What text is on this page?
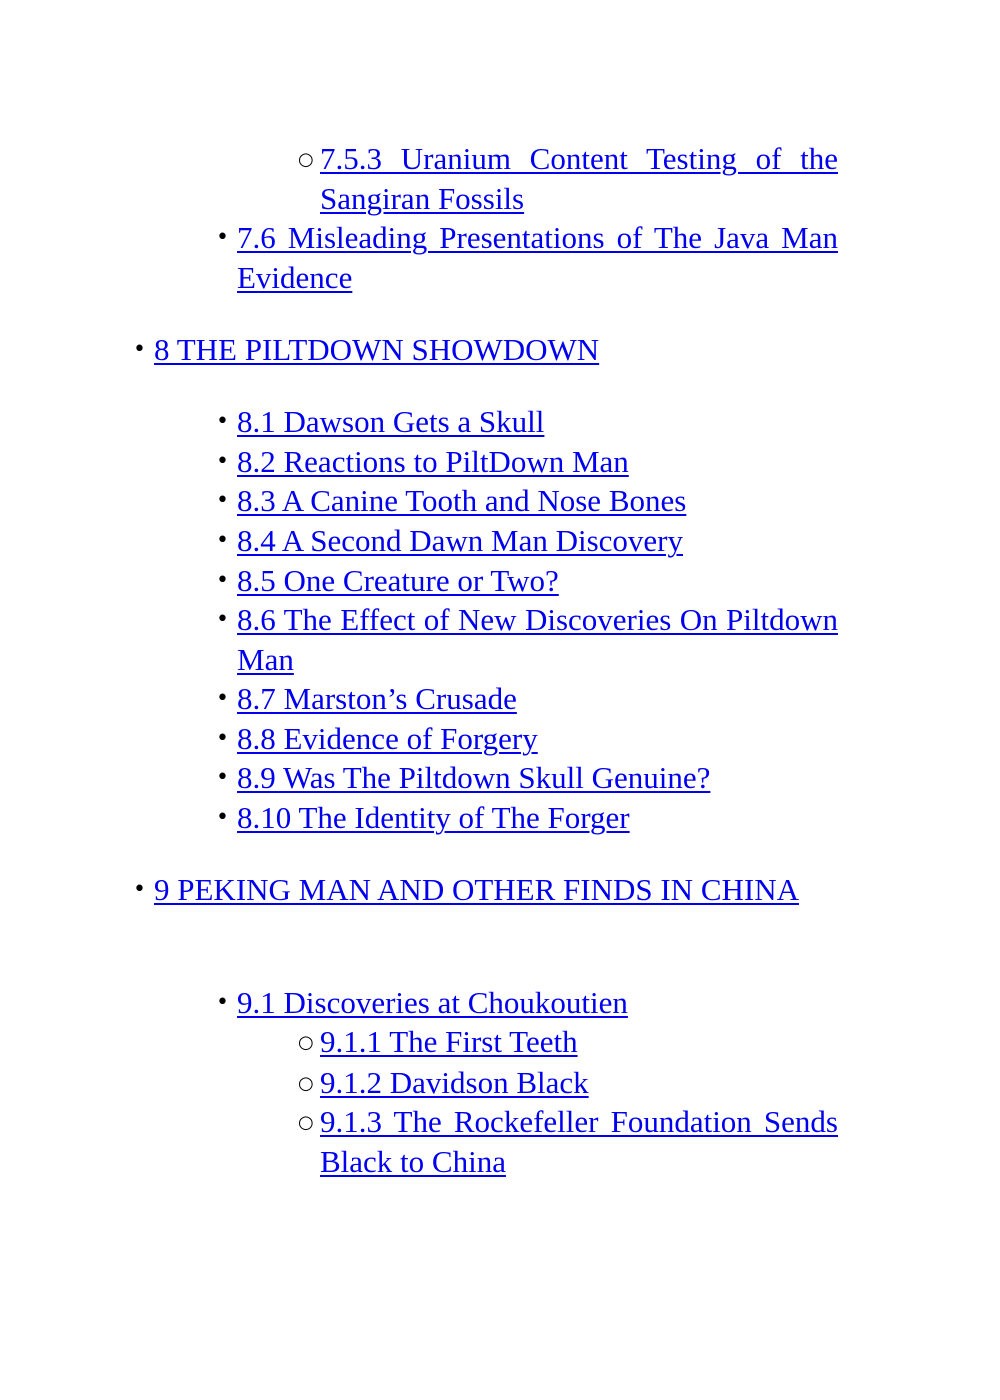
○ 7.5.3 Uranium Content Testing of the Sangiran Fossils
• 7.6 Misleading Presentations of The Java Man Evidence
• 8 THE PILTDOWN SHOWDOWN
• 8.1 Dawson Gets a Skull
• 8.2 Reactions to PiltDown Man
• 8.3 A Canine Tooth and Nose Bones
• 8.4 A Second Dawn Man Discovery
• 8.5 One Creature or Two?
• 8.6 The Effect of New Discoveries On Piltdown Man
• 8.7 Marston’s Crusade
• 8.8 Evidence of Forgery
• 8.9 Was The Piltdown Skull Genuine?
• 8.10 The Identity of The Forger
• 9 PEKING MAN AND OTHER FINDS IN CHINA
• 9.1 Discoveries at Choukoutien
○ 9.1.1 The First Teeth
○ 9.1.2 Davidson Black
○ 9.1.3 The Rockefeller Foundation Sends Black to China
